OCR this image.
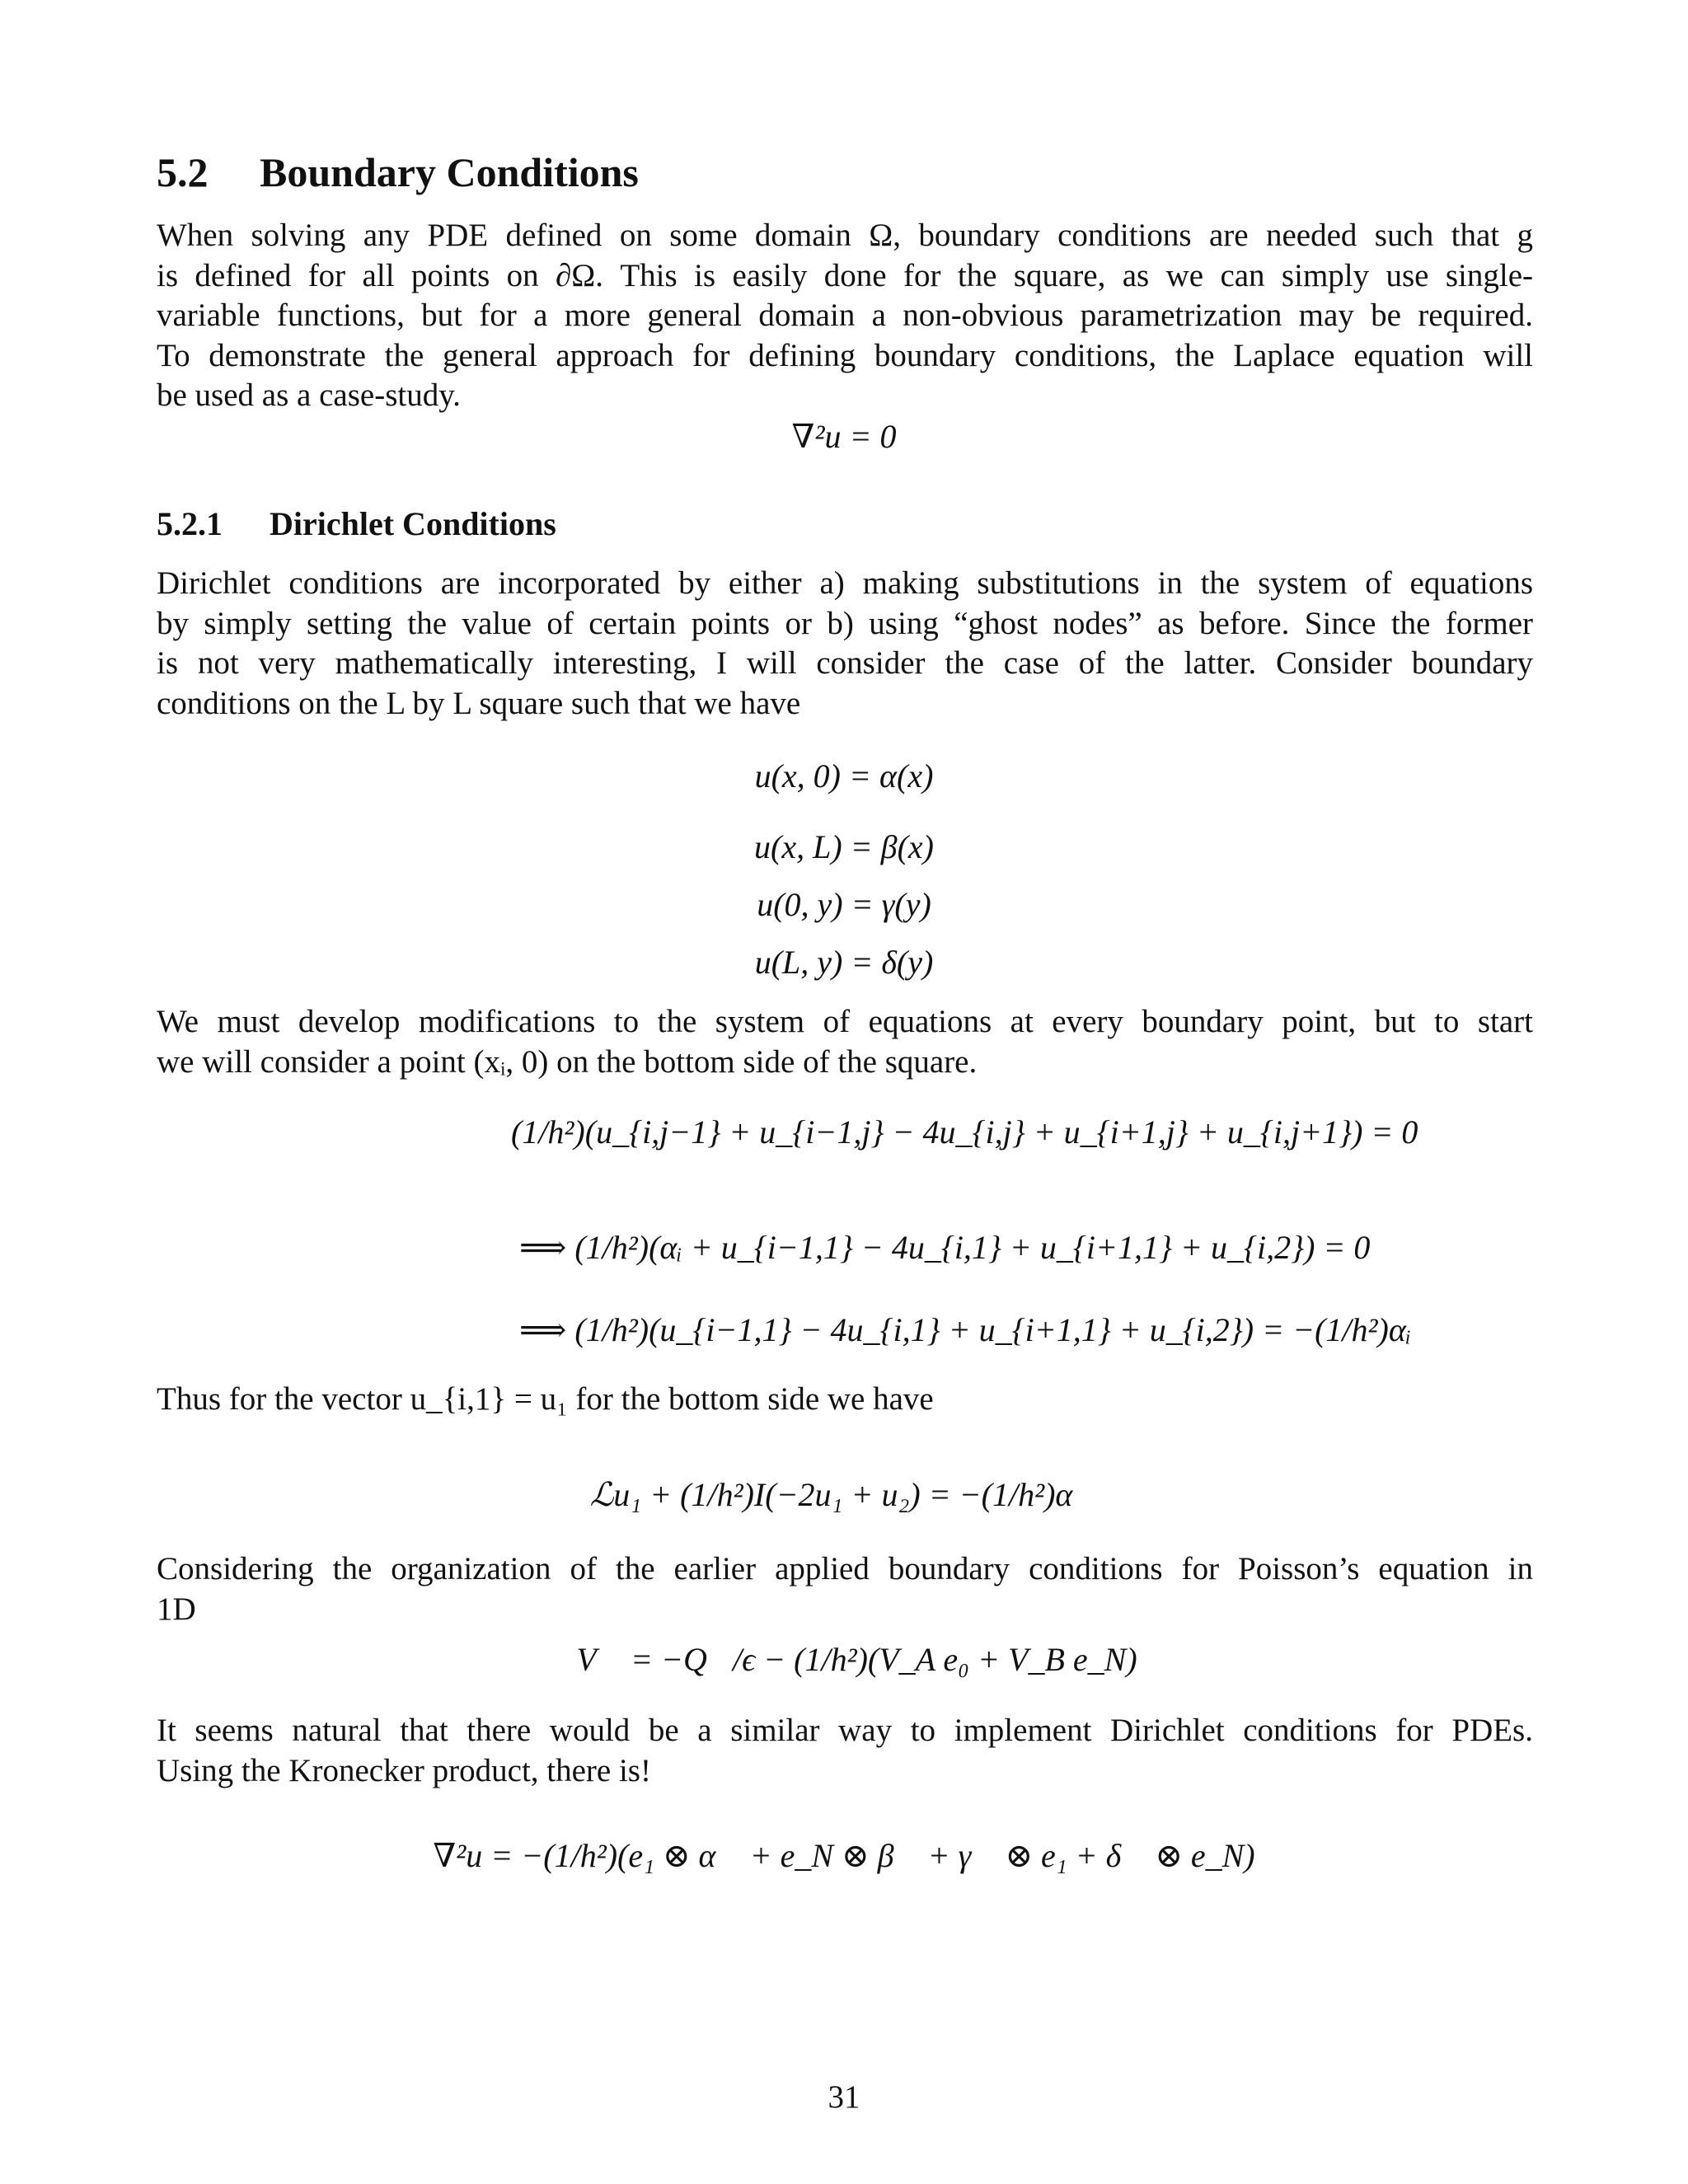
5.2 Boundary Conditions
When solving any PDE defined on some domain Ω, boundary conditions are needed such that g
is defined for all points on ∂Ω. This is easily done for the square, as we can simply use single-
variable functions, but for a more general domain a non-obvious parametrization may be required.
To demonstrate the general approach for defining boundary conditions, the Laplace equation will
be used as a case-study.
∇²u = 0
5.2.1 Dirichlet Conditions
Dirichlet conditions are incorporated by either a) making substitutions in the system of equations
by simply setting the value of certain points or b) using “ghost nodes” as before. Since the former
is not very mathematically interesting, I will consider the case of the latter. Consider boundary
conditions on the L by L square such that we have
u(x, 0) = α(x)
u(x, L) = β(x)
u(0, y) = γ(y)
u(L, y) = δ(y)
We must develop modifications to the system of equations at every boundary point, but to start
we will consider a point (xᵢ, 0) on the bottom side of the square.
(1/h²)(u_{i,j−1} + u_{i−1,j} − 4u_{i,j} + u_{i+1,j} + u_{i,j+1}) = 0
⟹ (1/h²)(αᵢ + u_{i−1,1} − 4u_{i,1} + u_{i+1,1} + u_{i,2}) = 0
⟹ (1/h²)(u_{i−1,1} − 4u_{i,1} + u_{i+1,1} + u_{i,2}) = −(1/h²)αᵢ
Thus for the vector u_{i,1} = u₁ for the bottom side we have
ℒu₁ + (1/h²)I(−2u₁ + u₂) = −(1/h²)α⃗
Considering the organization of the earlier applied boundary conditions for Poisson’s equation in
1D
ℒV⃗ = −Q⃗/ϵ − (1/h²)(V_A e₀ + V_B e_N)
It seems natural that there would be a similar way to implement Dirichlet conditions for PDEs.
Using the Kronecker product, there is!
∇²u = −(1/h²)(e₁ ⊗ α⃗ + e_N ⊗ β⃗ + γ⃗ ⊗ e₁ + δ⃗ ⊗ e_N)
31
